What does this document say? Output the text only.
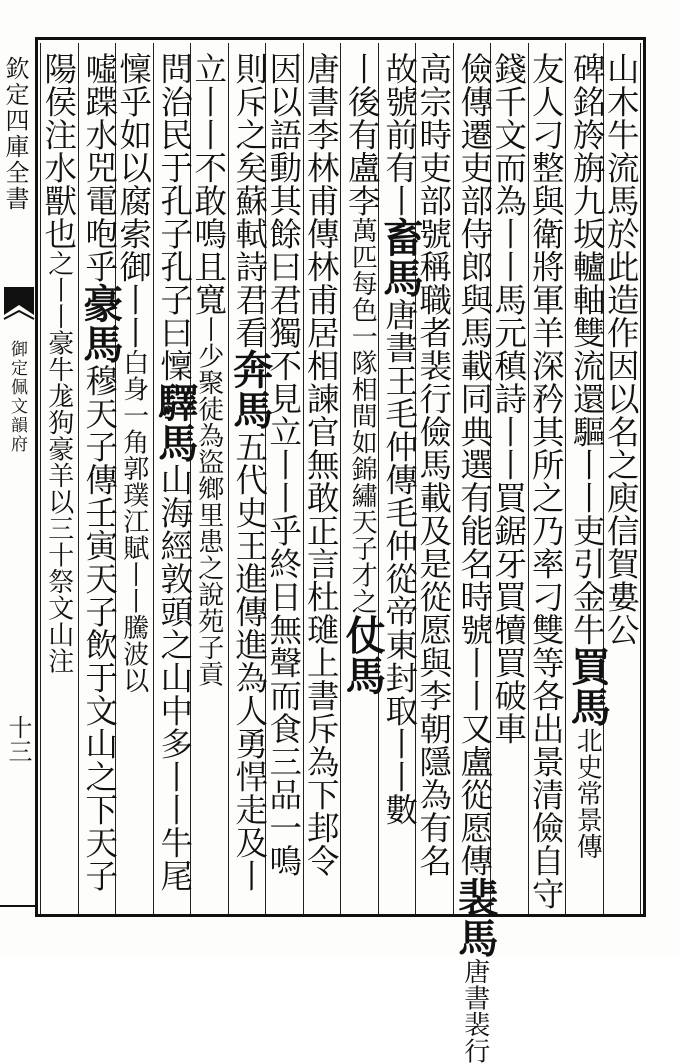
欽定四庫全書
御定佩文韻府
十三
山木牛流馬於此造作因以名之庾信賀婁公
碑銘旍旃九坂轤軸雙流還驅丨丨吏引金牛買馬北史常景傳
友人刁整與衛將軍羊深矜其所之乃率刁雙等各出景清儉自守
錢千文而為丨丨馬元稹詩丨丨買鋸牙買犢買破車
儉傳遷吏部侍郎與馬載同典選有能名時號丨丨又盧從愿傳裴馬唐書裴行
高宗時吏部號稱職者裴行儉馬載及是從愿與李朝隱為有名
故號前有丨畜馬唐書王毛仲傳毛仲從帝東封取丨丨數
丨後有盧李萬匹每色一隊相間如錦繡天子才之仗馬
唐書李林甫傳林甫居相諫官無敢正言杜璡上書斥為下邽令
因以語動其餘曰君獨不見立丨丨乎終日無聲而食三品一鳴
則斥之矣蘇軾詩君看奔馬五代史王進傳進為人勇悍走及丨
立丨丨不敢鳴且寬丨少聚徒為盜鄉里患之說苑子貢
問治民于孔子孔子曰懍驛馬山海經敦頭之山中多丨丨牛尾
懍乎如以腐索御丨丨白身一角郭璞江賦丨丨騰波以
噓蹀水兕電咆乎豪馬穆天子傳壬寅天子飲于文山之下天子
陽侯注水獸也之丨丨豪牛尨狗豪羊以三十祭文山注
